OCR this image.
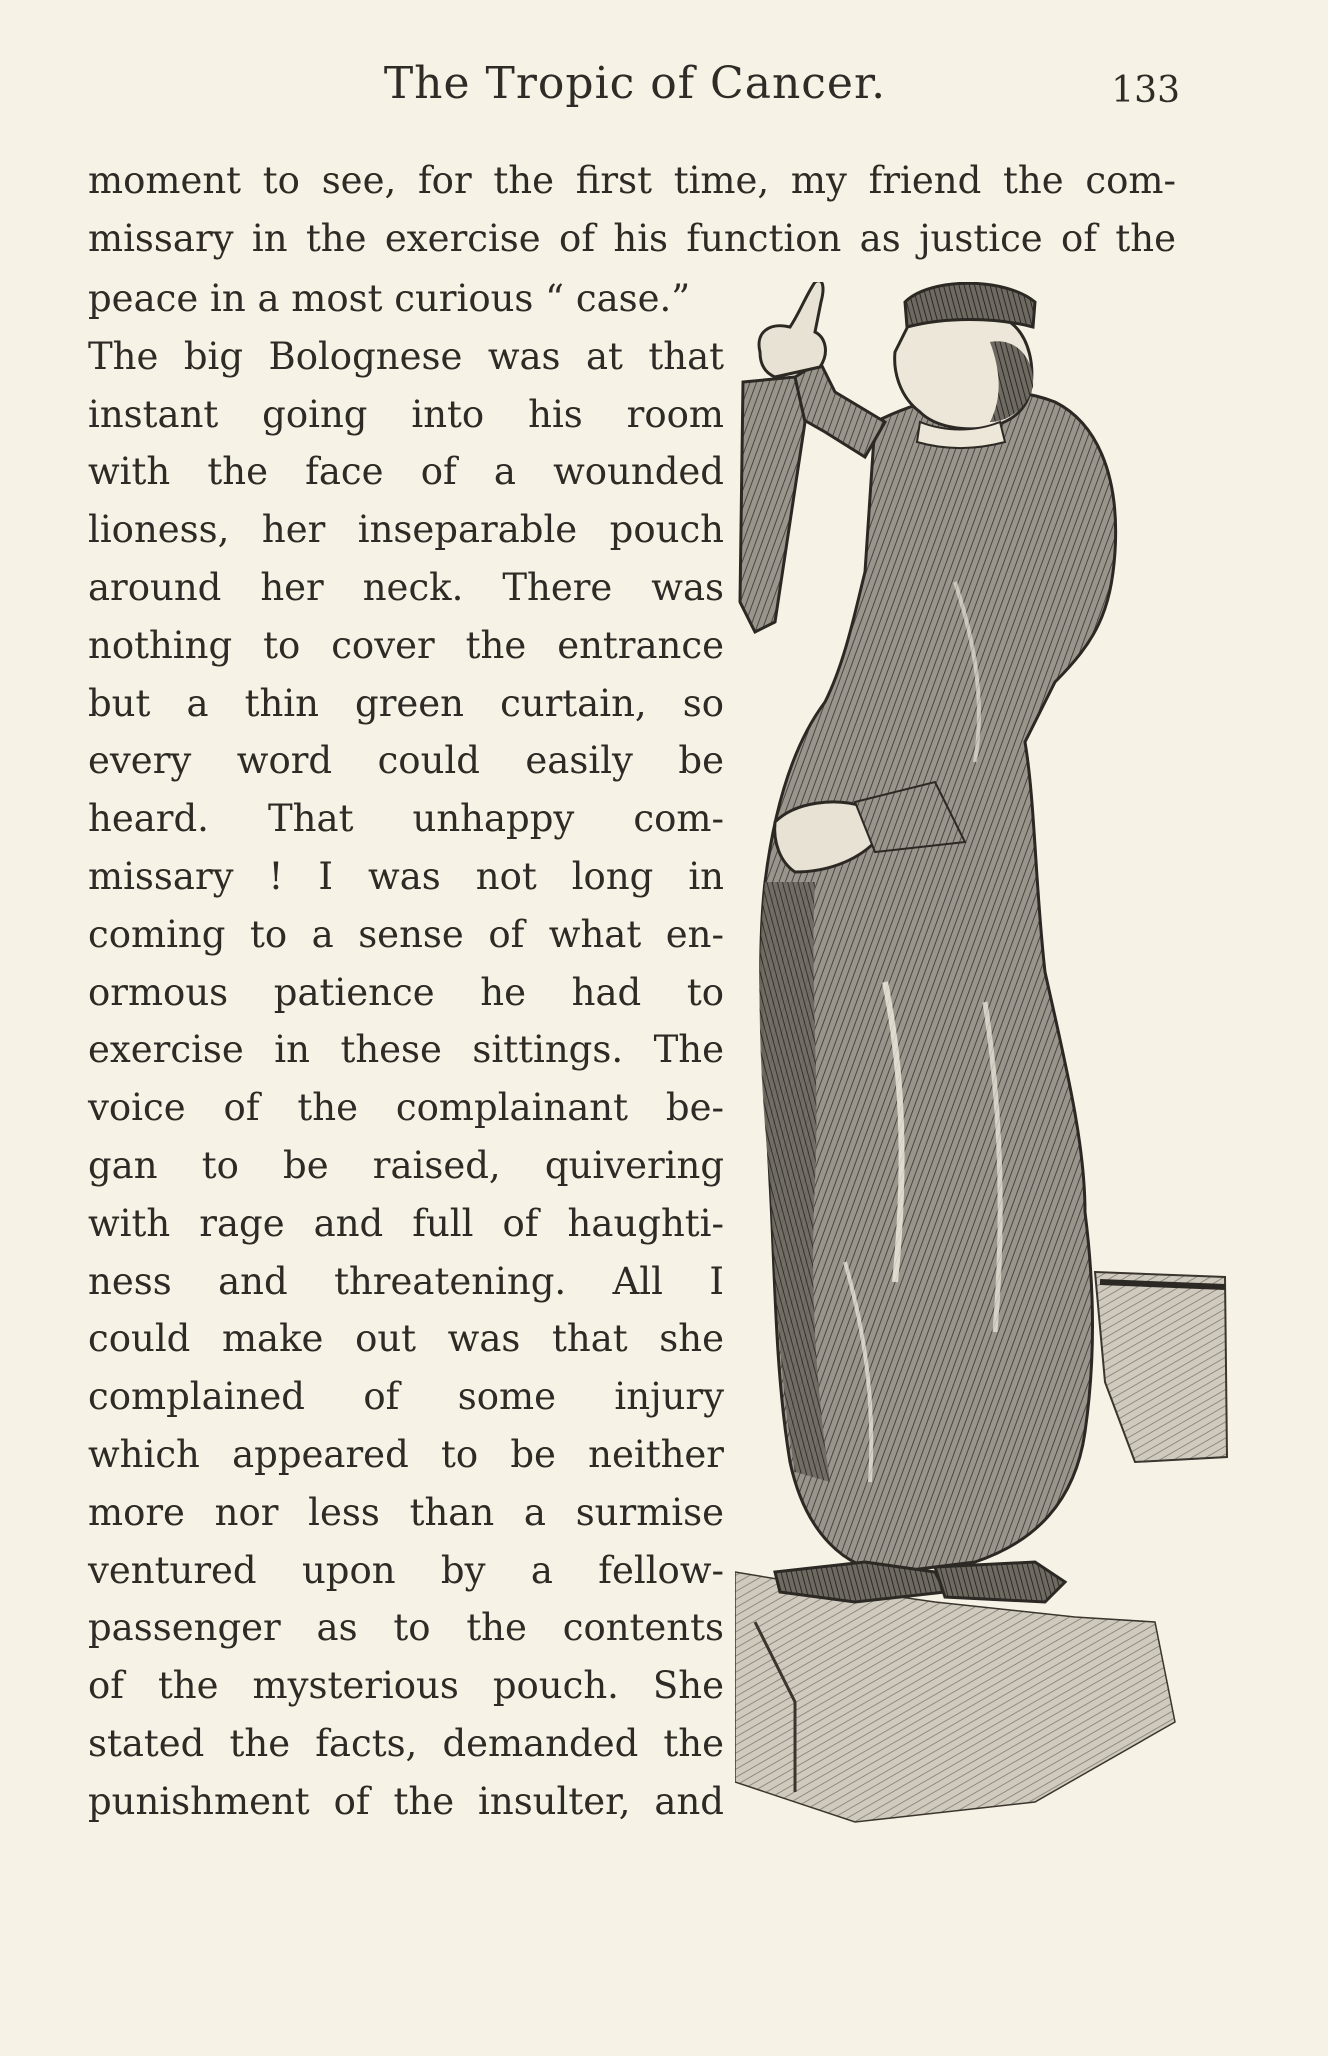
The Tropic of Cancer.	133
moment to see, for the first time, my friend the com-
missary in the exercise of his function as justice of the
peace in a most curious “ case.”
The big Bolognese was at that
instant going into his room
with the face of a wounded
lioness, her inseparable pouch
around her neck. There was
nothing to cover the entrance
but a thin green curtain, so
every word could easily be
heard. That unhappy com-
missary ! I was not long in
coming to a sense of what en-
ormous patience he had to
exercise in these sittings. The
voice of the complainant be-
gan to be raised, quivering
with rage and full of haughti-
ness and threatening. All I
could make out was that she
complained of some injury
which appeared to be neither
more nor less than a surmise
ventured upon by a fellow-
passenger as to the contents
of the mysterious pouch. She
stated the facts, demanded the
punishment of the insulter, and
